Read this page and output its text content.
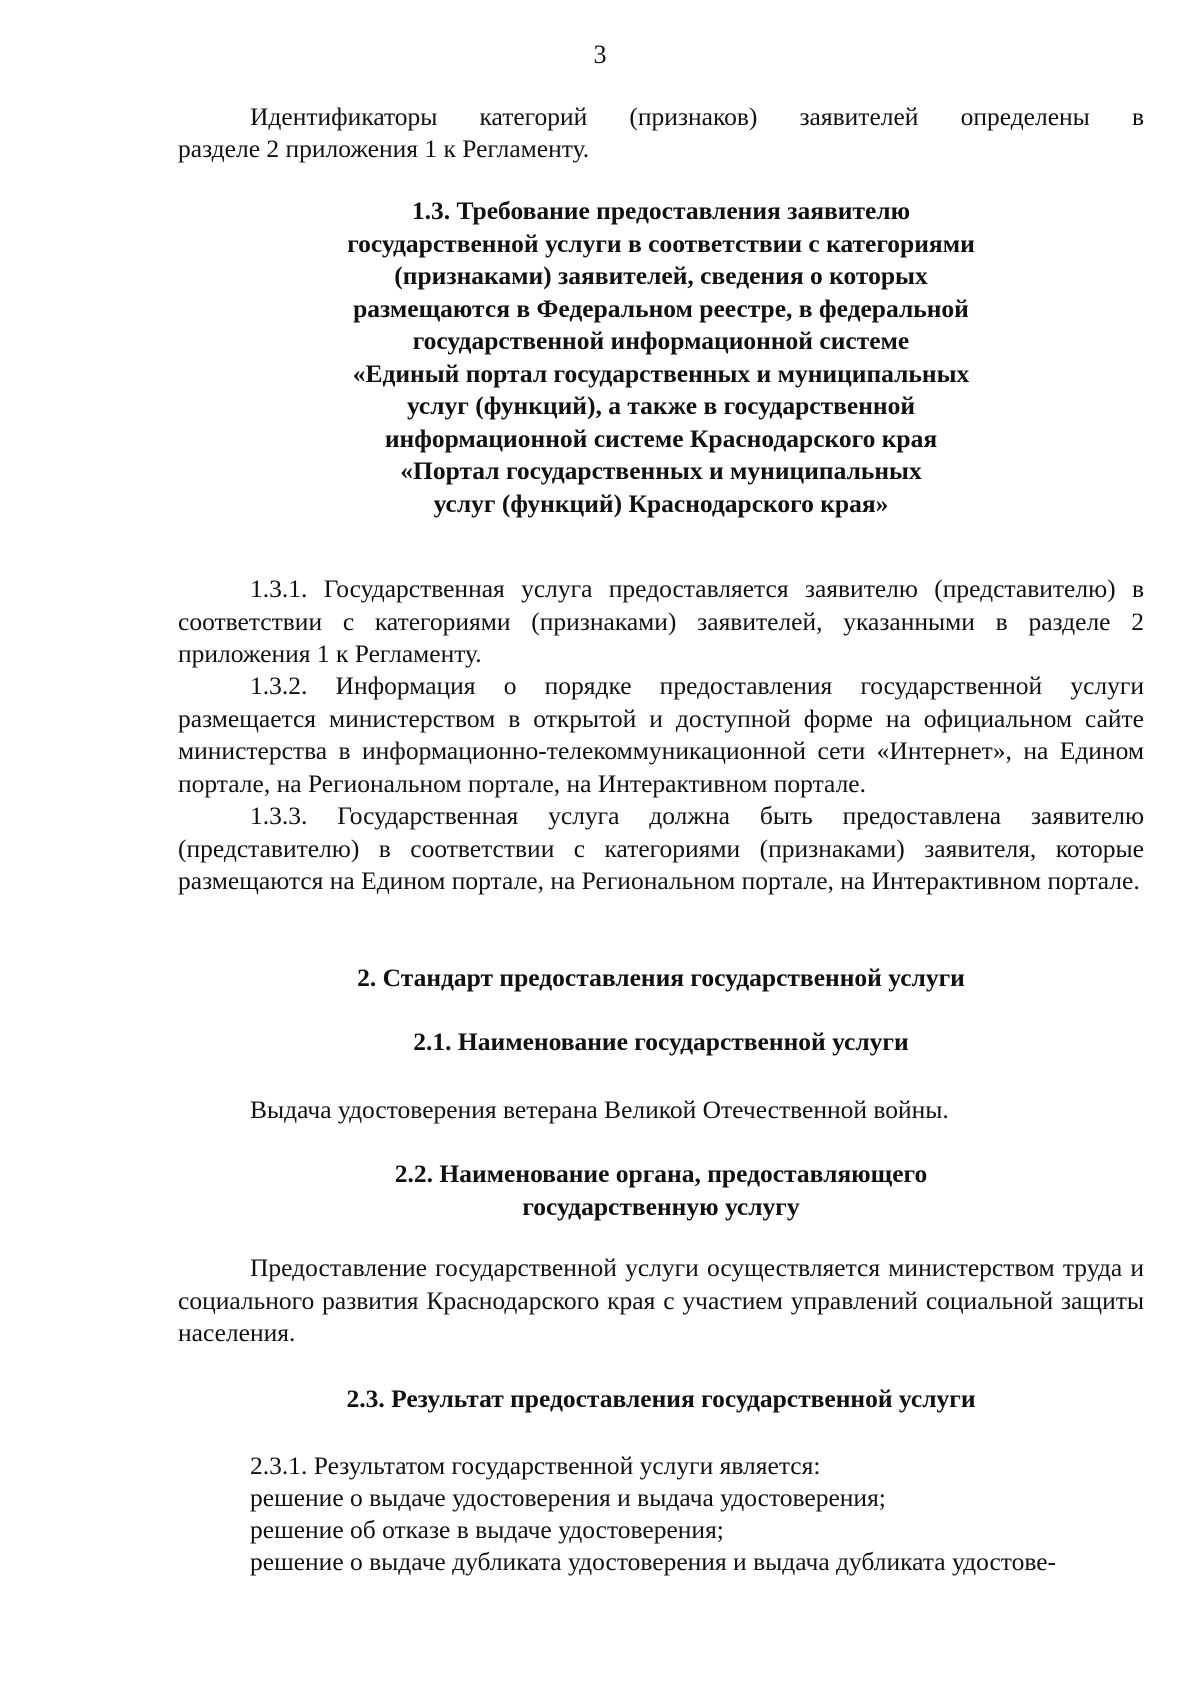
3

Идентификаторы категорий (признаков) заявителей определены в

разделе 2 приложения 1 к Регламенту.

1.3. Требование предоставления заявителю
государственной услуги в соответствии с категориями
(признаками) заявителей, сведения о которых
размещаются в Федеральном реестре, в федеральной
государственной информационной системе
«Единый портал государственных и муниципальных
услуг (функций), а также в государственной
информационной системе Краснодарского края
«Портал государственных и муниципальных
услуг (функций) Краснодарского края»

1.3.1. Государственная услуга предоставляется заявителю (представителю) в соответствии с категориями (признаками) заявителей, указанными в разделе 2 приложения 1 к Регламенту.

1.3.2. Информация о порядке предоставления государственной услуги размещается министерством в открытой и доступной форме на официальном сайте министерства в информационно-телекоммуникационной сети «Интернет», на Едином портале, на Региональном портале, на Интерактивном портале.

1.3.3. Государственная услуга должна быть предоставлена заявителю (представителю) в соответствии с категориями (признаками) заявителя, которые размещаются на Едином портале, на Региональном портале, на Интерактивном портале.

2. Стандарт предоставления государственной услуги

2.1. Наименование государственной услуги

Выдача удостоверения ветерана Великой Отечественной войны.

2.2. Наименование органа, предоставляющего
государственную услугу

Предоставление государственной услуги осуществляется министерством труда и социального развития Краснодарского края с участием управлений социальной защиты населения.

2.3. Результат предоставления государственной услуги

2.3.1. Результатом государственной услуги является:

решение о выдаче удостоверения и выдача удостоверения;

решение об отказе в выдаче удостоверения;

решение о выдаче дубликата удостоверения и выдача дубликата удостове-
